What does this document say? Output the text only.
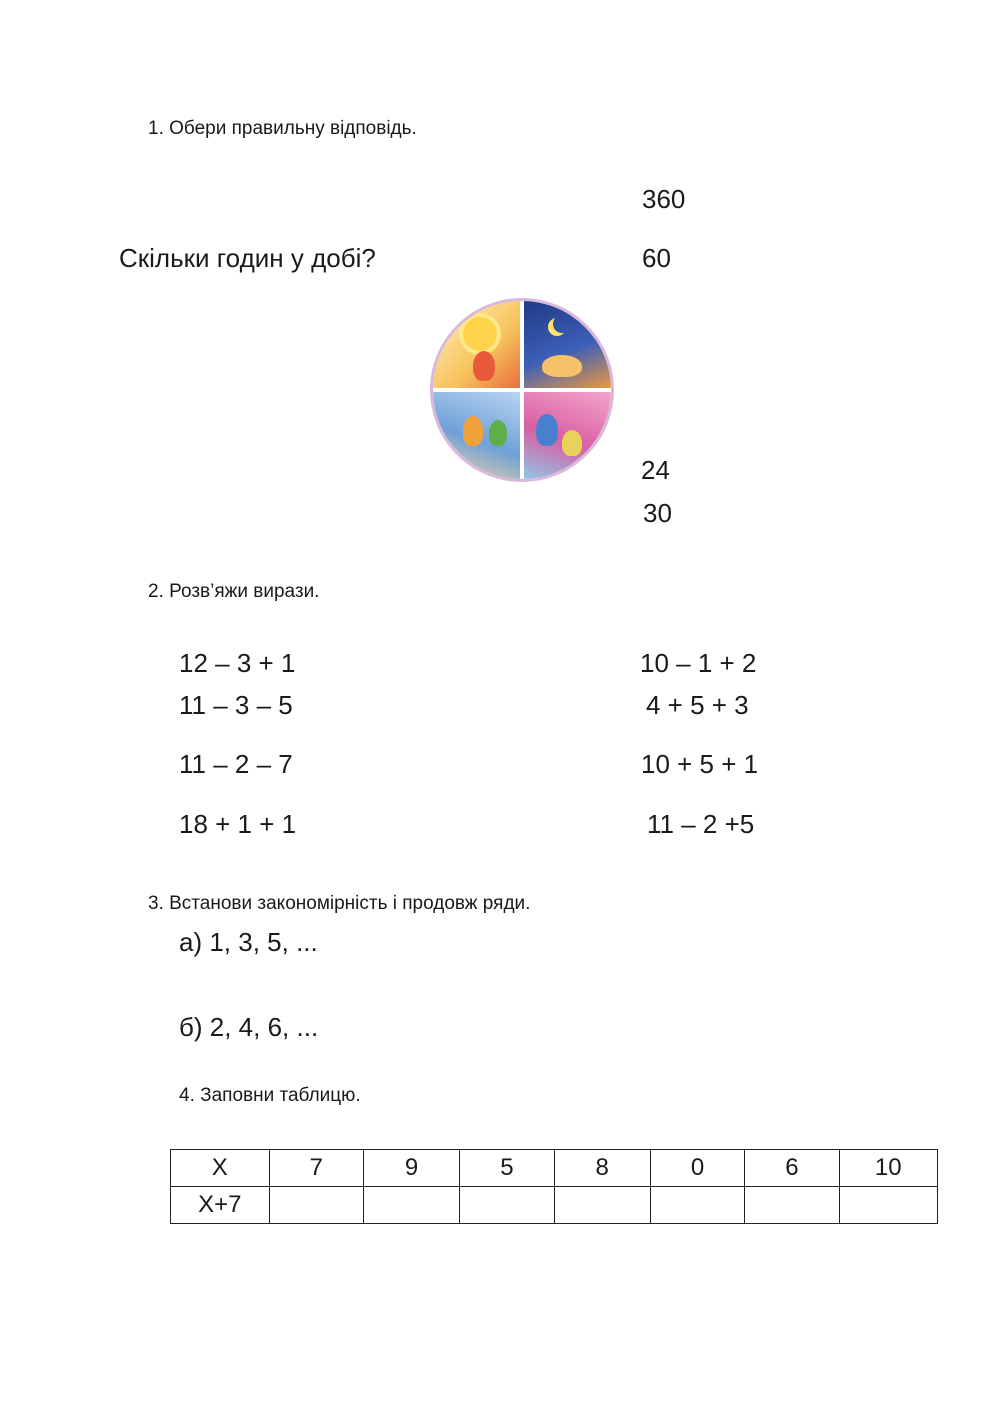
1. Обери правильну відповідь.
360
Скільки годин у добі?	60
24
30
2. Розв’яжи вирази.
12 – 3 + 1	10 – 1 + 2
11 – 3 – 5	4 + 5 + 3
11 – 2 – 7	10 + 5 + 1
18 + 1 + 1	11 – 2 +5
3. Встанови закономірність і продовж ряди.
а) 1, 3, 5, ...
б) 2, 4, 6, ...
4. Заповни таблицю.
Х	7	9	5	8	0	6	10
Х+7							
